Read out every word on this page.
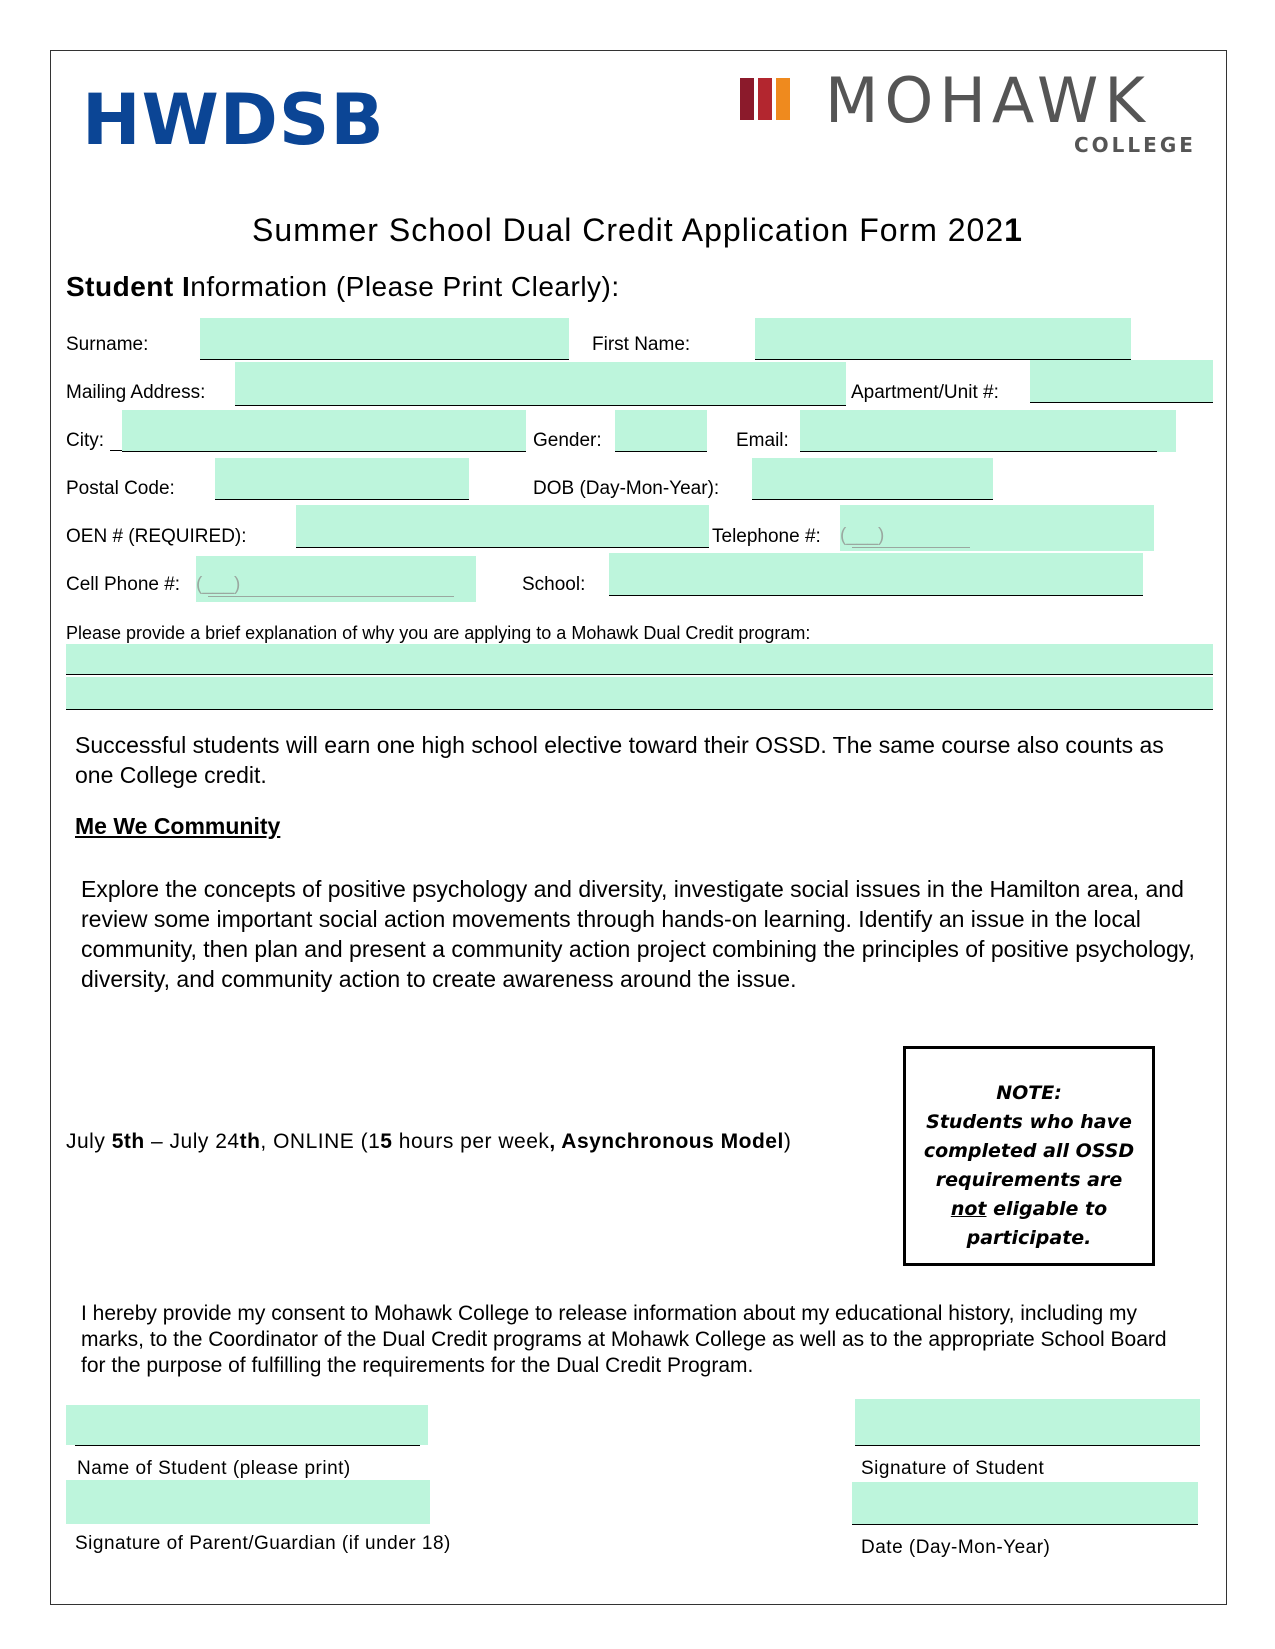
HWDSB	MOHAWK
COLLEGE
Summer School Dual Credit Application Form 2021
Student Information (Please Print Clearly):
Surname:	First Name:
Mailing Address:	Apartment/Unit #:
City:	Gender:	Email:
Postal Code:	DOB (Day-Mon-Year):
OEN # (REQUIRED):	Telephone #: (___)
Cell Phone #: (___)	School:
Please provide a brief explanation of why you are applying to a Mohawk Dual Credit program:
Successful students will earn one high school elective toward their OSSD. The same course also counts as one College credit.
Me We Community
Explore the concepts of positive psychology and diversity, investigate social issues in the Hamilton area, and review some important social action movements through hands-on learning. Identify an issue in the local community, then plan and present a community action project combining the principles of positive psychology, diversity, and community action to create awareness around the issue.
July 5th – July 24th, ONLINE (15 hours per week, Asynchronous Model)
NOTE:
Students who have
completed all OSSD
requirements are
not eligable to
participate.
I hereby provide my consent to Mohawk College to release information about my educational history, including my marks, to the Coordinator of the Dual Credit programs at Mohawk College as well as to the appropriate School Board for the purpose of fulfilling the requirements for the Dual Credit Program.
Name of Student (please print)	Signature of Student
Signature of Parent/Guardian (if under 18)	Date (Day-Mon-Year)
